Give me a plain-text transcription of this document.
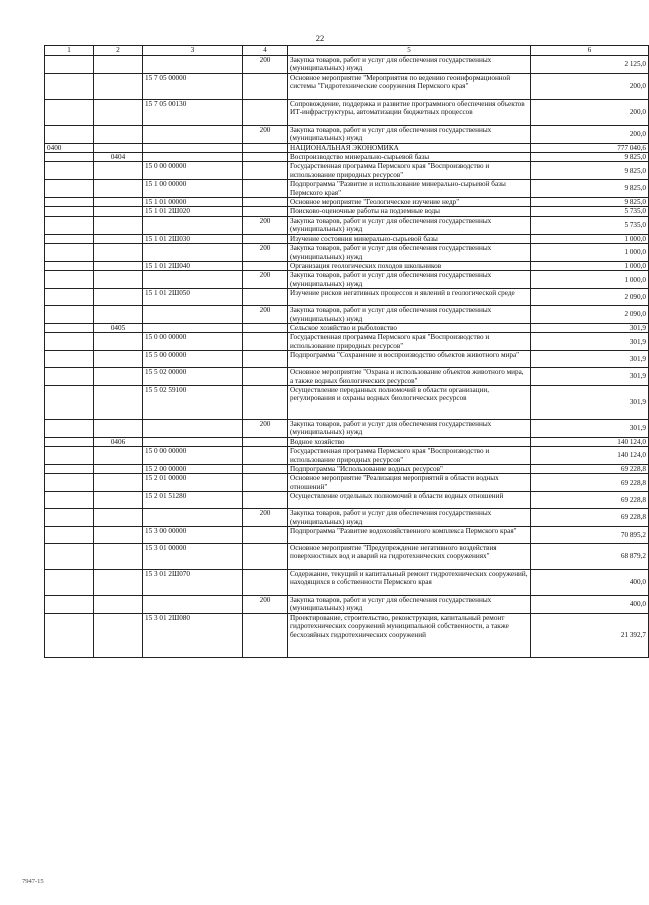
22
1	2	3	4	5	6
			200	Закупка товаров, работ и услуг для обеспечения государственных (муниципальных) нужд	2 125,0
		15 7 05 00000		Основное мероприятие "Мероприятия по ведению геоинформационной системы "Гидротехнические сооружения Пермского края"	200,0
		15 7 05 00130		Сопровождение, поддержка и развитие программного обеспечения объектов ИТ-инфраструктуры, автоматизации бюджетных процессов	200,0
			200	Закупка товаров, работ и услуг для обеспечения государственных (муниципальных) нужд	200,0
0400				НАЦИОНАЛЬНАЯ ЭКОНОМИКА	777 040,6
	0404			Воспроизводство минерально-сырьевой базы	9 825,0
		15 0 00 00000		Государственная программа Пермского края "Воспроизводство и использование природных ресурсов"	9 825,0
		15 1 00 00000		Подпрограмма "Развитие и использование минерально-сырьевой базы Пермского края"	9 825,0
		15 1 01 00000		Основное мероприятие "Геологическое изучение недр"	9 825,0
		15 1 01 2Ш020		Поисково-оценочные работы на подземные воды	5 735,0
			200	Закупка товаров, работ и услуг для обеспечения государственных (муниципальных) нужд	5 735,0
		15 1 01 2Ш030		Изучение состояния минерально-сырьевой базы	1 000,0
			200	Закупка товаров, работ и услуг для обеспечения государственных (муниципальных) нужд	1 000,0
		15 1 01 2Ш040		Организация геологических походов школьников	1 000,0
			200	Закупка товаров, работ и услуг для обеспечения государственных (муниципальных) нужд	1 000,0
		15 1 01 2Ш050		Изучение рисков негативных процессов и явлений в геологической среде	2 090,0
			200	Закупка товаров, работ и услуг для обеспечения государственных (муниципальных) нужд	2 090,0
	0405			Сельское хозяйство и рыболовство	301,9
		15 0 00 00000		Государственная программа Пермского края "Воспроизводство и использование природных ресурсов"	301,9
		15 5 00 00000		Подпрограмма "Сохранение и воспроизводство объектов животного мира"	301,9
		15 5 02 00000		Основное мероприятие "Охрана и использование объектов животного мира, а также водных биологических ресурсов"	301,9
		15 5 02 59100		Осуществление переданных полномочий в области организации, регулирования и охраны водных биологических ресурсов	301,9
			200	Закупка товаров, работ и услуг для обеспечения государственных (муниципальных) нужд	301,9
	0406			Водное хозяйство	140 124,0
		15 0 00 00000		Государственная программа Пермского края "Воспроизводство и использование природных ресурсов"	140 124,0
		15 2 00 00000		Подпрограмма "Использование водных ресурсов"	69 228,8
		15 2 01 00000		Основное мероприятие "Реализация мероприятий в области водных отношений"	69 228,8
		15 2 01 51280		Осуществление отдельных полномочий в области водных отношений	69 228,8
			200	Закупка товаров, работ и услуг для обеспечения государственных (муниципальных) нужд	69 228,8
		15 3 00 00000		Подпрограмма "Развитие водохозяйственного комплекса Пермского края"	70 895,2
		15 3 01 00000		Основное мероприятие "Предупреждение негативного воздействия поверхностных вод и аварий на гидротехнических сооружениях"	68 879,2
		15 3 01 2Ш070		Содержание, текущий и капитальный ремонт гидротехнических сооружений, находящихся в собственности Пермского края	400,0
			200	Закупка товаров, работ и услуг для обеспечения государственных (муниципальных) нужд	400,0
		15 3 01 2Ш080		Проектирование, строительство, реконструкция, капитальный ремонт гидротехнических сооружений муниципальной собственности, а также бесхозяйных гидротехнических сооружений	21 392,7
7947-15
